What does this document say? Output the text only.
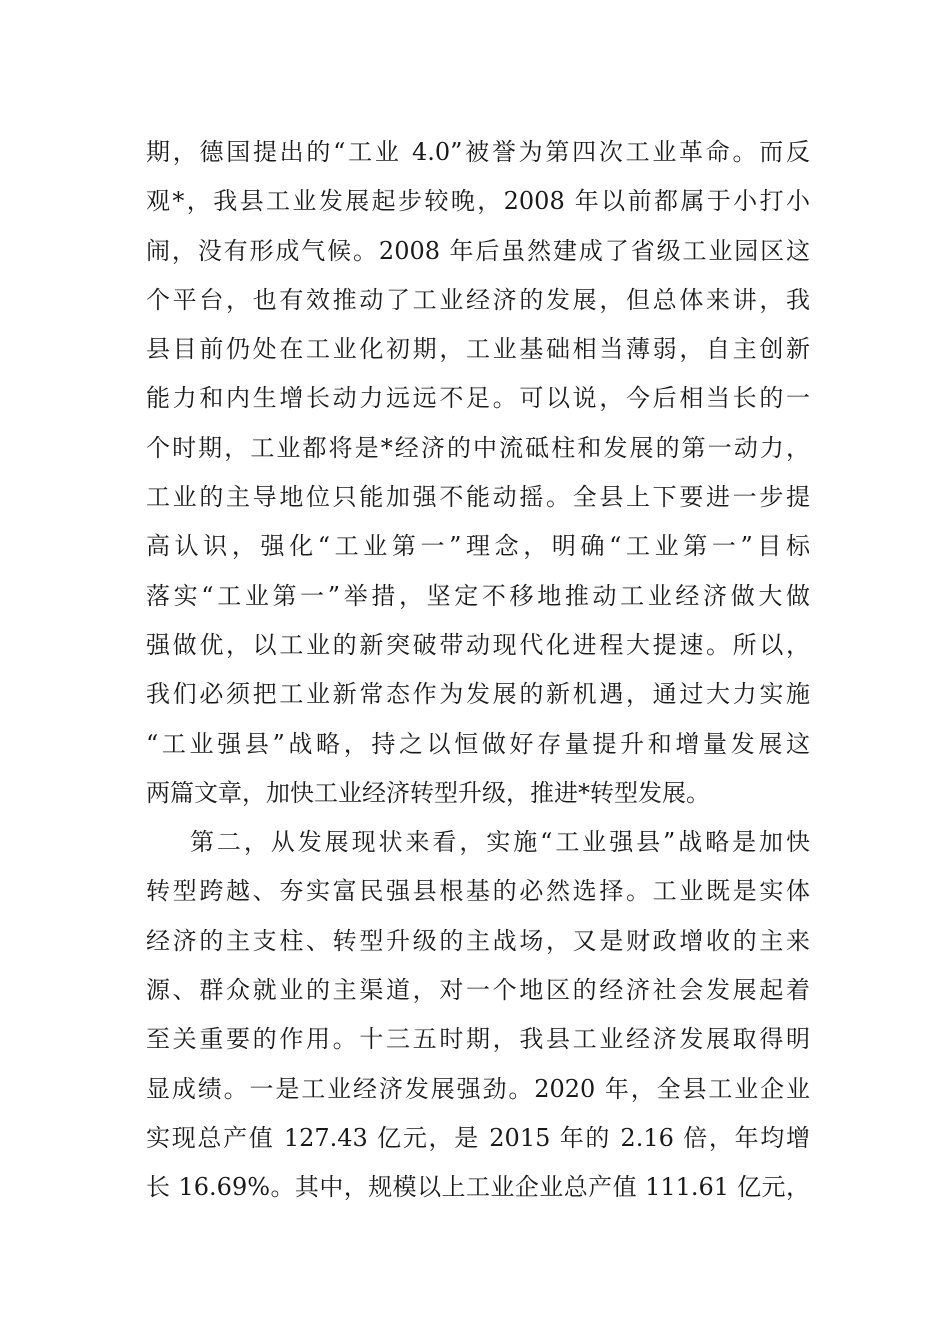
期，德国提出的“工业 4.0”被誉为第四次工业革命。而反
观*，我县工业发展起步较晚，2008 年以前都属于小打小
闹，没有形成气候。2008 年后虽然建成了省级工业园区这
个平台，也有效推动了工业经济的发展，但总体来讲，我
县目前仍处在工业化初期，工业基础相当薄弱，自主创新
能力和内生增长动力远远不足。可以说，今后相当长的一
个时期，工业都将是*经济的中流砥柱和发展的第一动力，
工业的主导地位只能加强不能动摇。全县上下要进一步提
高认识，强化“工业第一”理念，明确“工业第一”目标
落实“工业第一”举措，坚定不移地推动工业经济做大做
强做优，以工业的新突破带动现代化进程大提速。所以，
我们必须把工业新常态作为发展的新机遇，通过大力实施
“工业强县”战略，持之以恒做好存量提升和增量发展这
两篇文章，加快工业经济转型升级，推进*转型发展。
第二，从发展现状来看，实施“工业强县”战略是加快
转型跨越、夯实富民强县根基的必然选择。工业既是实体
经济的主支柱、转型升级的主战场，又是财政增收的主来
源、群众就业的主渠道，对一个地区的经济社会发展起着
至关重要的作用。十三五时期，我县工业经济发展取得明
显成绩。一是工业经济发展强劲。2020 年，全县工业企业
实现总产值 127.43 亿元，是 2015 年的 2.16 倍，年均增
长 16.69%。其中，规模以上工业企业总产值 111.61 亿元，
